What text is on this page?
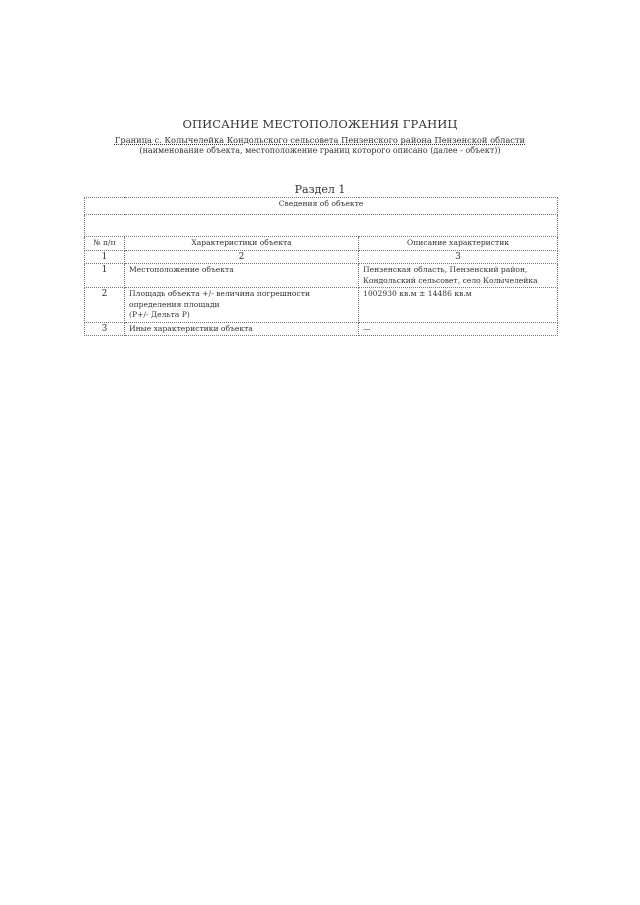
ОПИСАНИЕ МЕСТОПОЛОЖЕНИЯ ГРАНИЦ
Граница с. Колычелейка Кондольского сельсовета Пензенского района Пензенской области
(наименование объекта, местоположение границ которого описано (далее - объект))
Раздел 1
Сведения об объекте		

№ п/п	Характеристики объекта	Описание характеристик
1	2	3
1	Местоположение объекта	Пензенская область, Пензенский район,
Кондольский сельсовет, село Колычелейка

2	Площадь объекта +/- величина погрешности
определения площади
(P+/- Дельта P)	1002930 кв.м ± 14486 кв.м
3	Иные характеристики объекта	—
